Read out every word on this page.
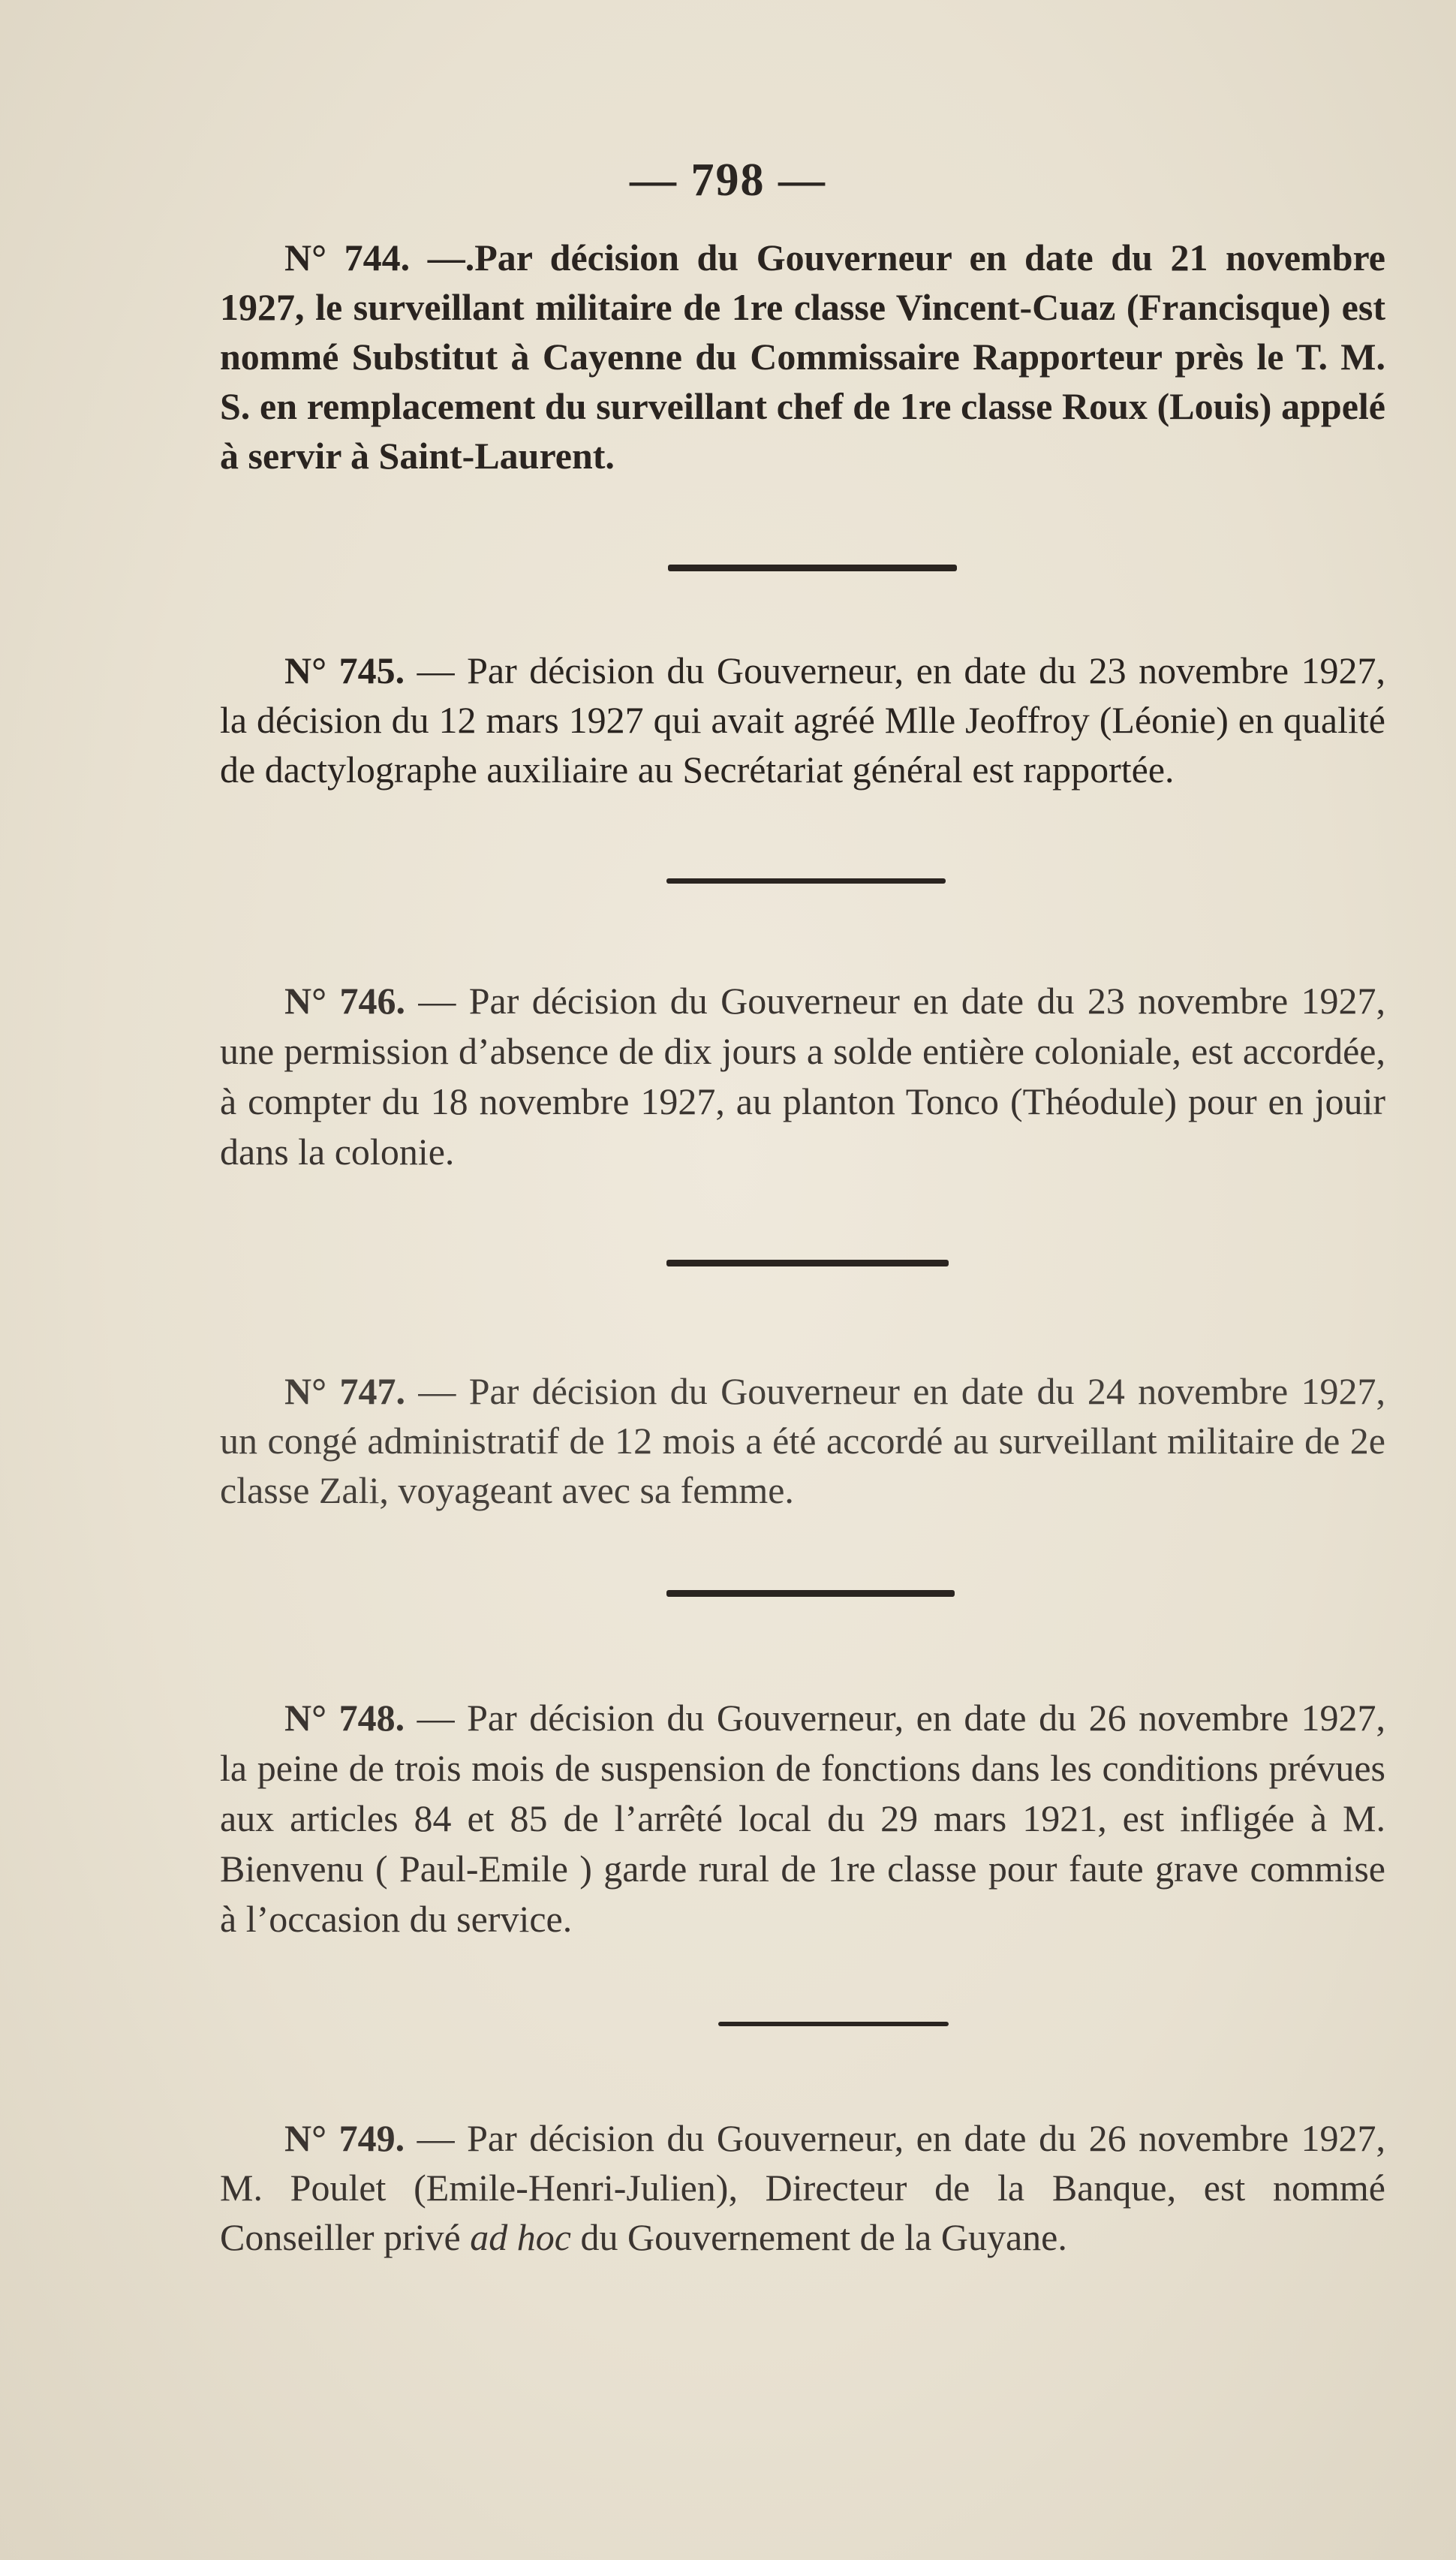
— 798 —

N° 744. —.Par décision du Gouverneur en date du 21 novembre 1927, le surveillant militaire de 1re classe Vincent-Cuaz (Francisque) est nommé Substitut à Cayenne du Commissaire Rapporteur près le T. M. S. en remplacement du surveillant chef de 1re classe Roux (Louis) appelé à servir à Saint-Laurent.

N° 745. — Par décision du Gouverneur, en date du 23 novembre 1927, la décision du 12 mars 1927 qui avait agréé Mlle Jeoffroy (Léonie) en qualité de dactylographe auxiliaire au Secrétariat général est rapportée.

N° 746. — Par décision du Gouverneur en date du 23 novembre 1927, une permission d’absence de dix jours a solde entière coloniale, est accordée, à compter du 18 novembre 1927, au planton Tonco (Théodule) pour en jouir dans la colonie.

N° 747. — Par décision du Gouverneur en date du 24 novembre 1927, un congé administratif de 12 mois a été accordé au surveillant militaire de 2e classe Zali, voyageant avec sa femme.

N° 748. — Par décision du Gouverneur, en date du 26 novembre 1927, la peine de trois mois de suspension de fonctions dans les conditions prévues aux articles 84 et 85 de l’arrêté local du 29 mars 1921, est infligée à M. Bienvenu ( Paul-Emile ) garde rural de 1re classe pour faute grave commise à l’occasion du service.

N° 749. — Par décision du Gouverneur, en date du 26 novembre 1927, M. Poulet (Emile-Henri-Julien), Directeur de la Banque, est nommé Conseiller privé ad hoc du Gouvernement de la Guyane.
